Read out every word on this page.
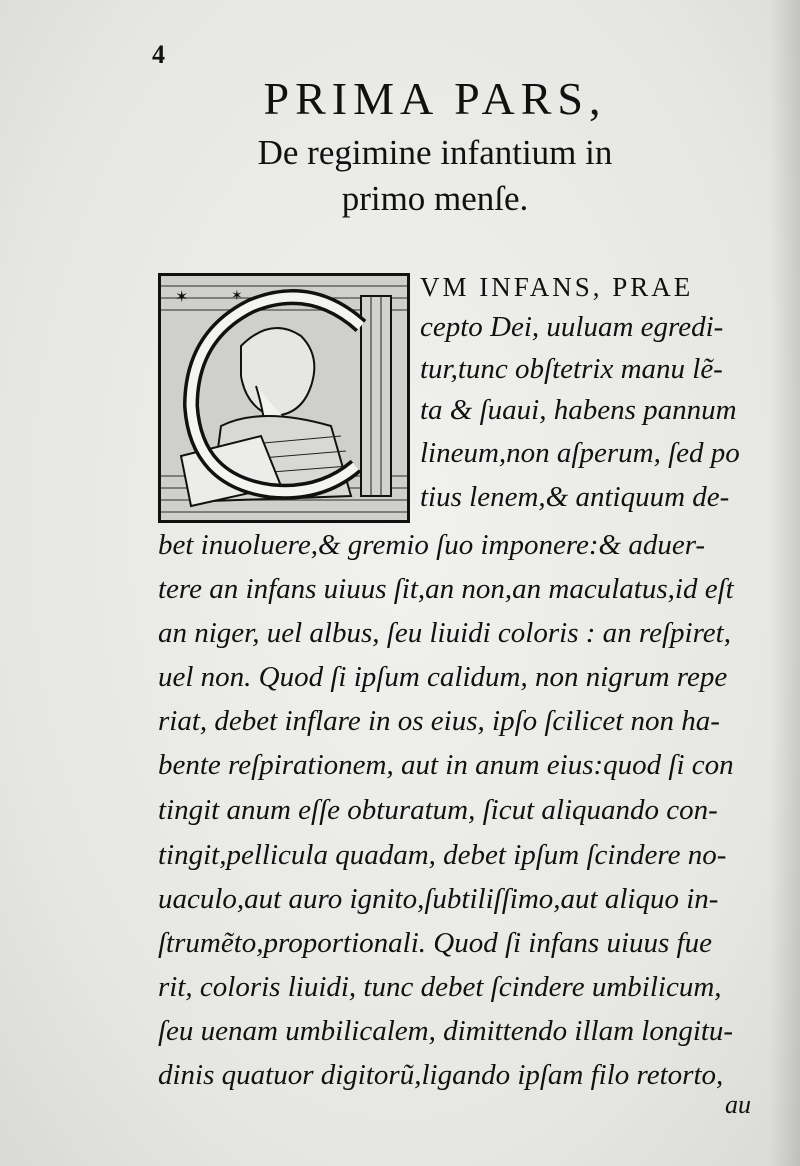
4
PRIMA PARS,
De regimine infantium in
primo menſe.
✶	✶	✶	VM INFANS, PRAE
cepto Dei, uuluam egredi-
tur,tunc obſtetrix manu lẽ-
ta & ſuaui, habens pannum
lineum,non aſperum, ſed po
tius lenem,& antiquum de-
bet inuoluere,& gremio ſuo imponere:& aduer-
tere an infans uiuus ſit,an non,an maculatus,id eſt
an niger, uel albus, ſeu liuidi coloris : an reſpiret,
uel non. Quod ſi ipſum calidum, non nigrum repe
riat, debet inflare in os eius, ipſo ſcilicet non ha-
bente reſpirationem, aut in anum eius:quod ſi con
tingit anum eſſe obturatum, ſicut aliquando con-
tingit,pellicula quadam, debet ipſum ſcindere no-
uaculo,aut auro ignito,ſubtiliſſimo,aut aliquo in-
ſtrumẽto,proportionali. Quod ſi infans uiuus fue
rit, coloris liuidi, tunc debet ſcindere umbilicum,
ſeu uenam umbilicalem, dimittendo illam longitu-
dinis quatuor digitorũ,ligando ipſam filo retorto,
au
